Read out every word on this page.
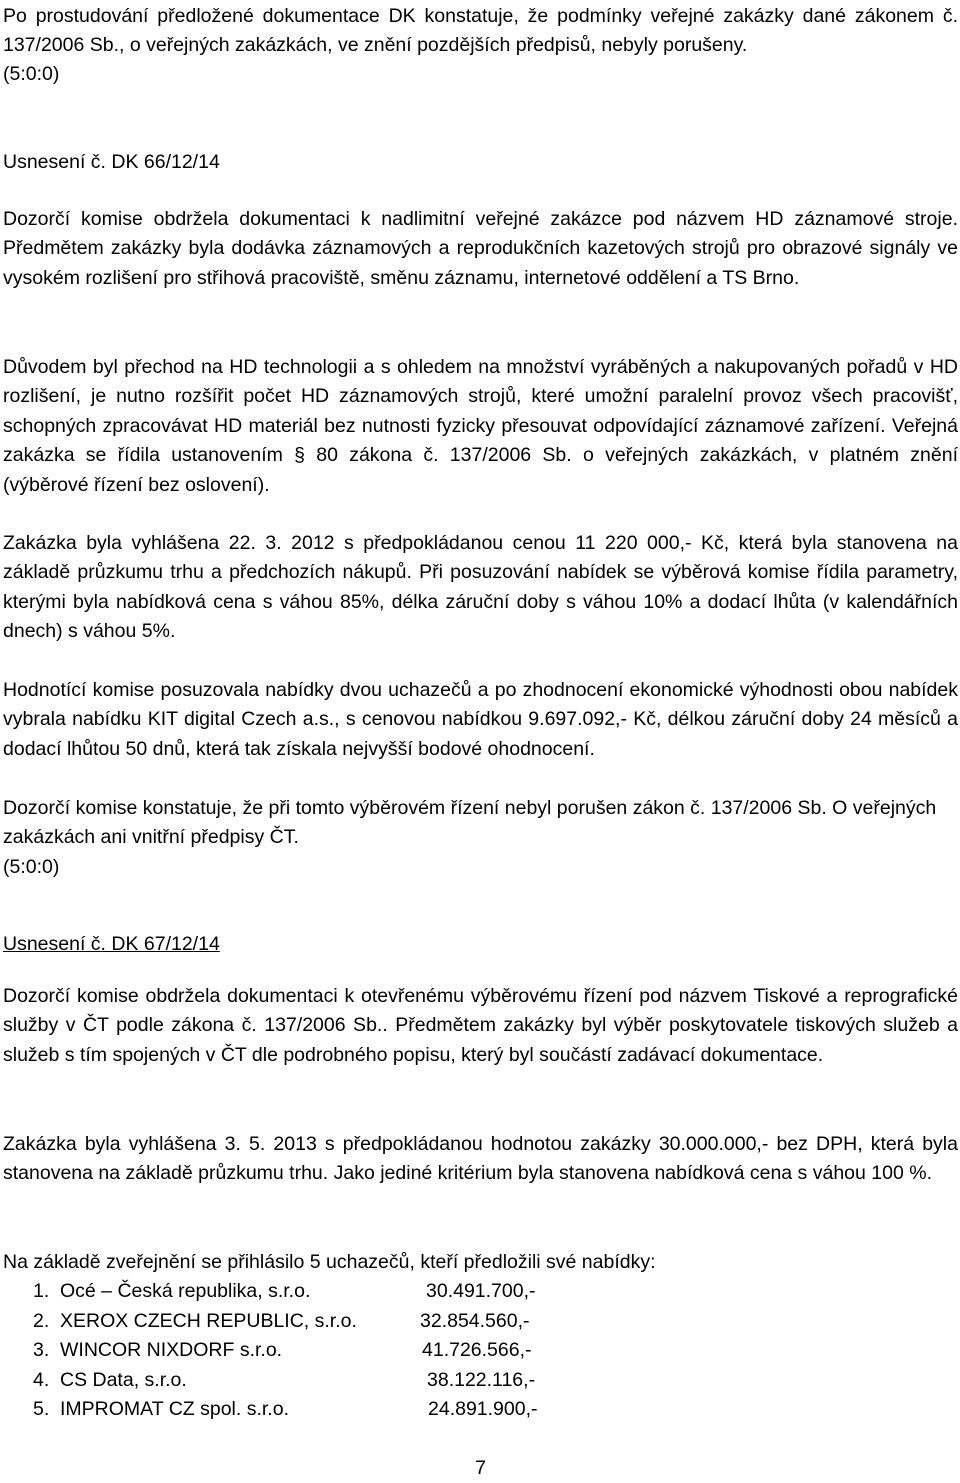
Po prostudování předložené dokumentace DK konstatuje, že podmínky veřejné zakázky dané zákonem č. 137/2006 Sb., o veřejných zakázkách, ve znění pozdějších předpisů, nebyly porušeny.

(5:0:0)

Usnesení č. DK 66/12/14

Dozorčí komise obdržela dokumentaci k nadlimitní veřejné zakázce pod názvem HD záznamové stroje. Předmětem zakázky byla dodávka záznamových a reprodukčních kazetových strojů pro obrazové signály ve vysokém rozlišení pro střihová pracoviště, směnu záznamu, internetové oddělení a TS Brno.

Důvodem byl přechod na HD technologii a s ohledem na množství vyráběných a nakupovaných pořadů v HD rozlišení, je nutno rozšířit počet HD záznamových strojů, které umožní paralelní provoz všech pracovišť, schopných zpracovávat HD materiál bez nutnosti fyzicky přesouvat odpovídající záznamové zařízení. Veřejná zakázka se řídila ustanovením § 80 zákona č. 137/2006 Sb. o veřejných zakázkách, v platném znění (výběrové řízení bez oslovení).

Zakázka byla vyhlášena 22. 3. 2012 s předpokládanou cenou 11 220 000,- Kč, která byla stanovena na základě průzkumu trhu a předchozích nákupů. Při posuzování nabídek se výběrová komise řídila parametry, kterými byla nabídková cena s váhou 85%, délka záruční doby s váhou 10% a dodací lhůta (v kalendářních dnech) s váhou 5%.

Hodnotící komise posuzovala nabídky dvou uchazečů a po zhodnocení ekonomické výhodnosti obou nabídek vybrala nabídku KIT digital Czech a.s., s cenovou nabídkou 9.697.092,- Kč, délkou záruční doby 24 měsíců a dodací lhůtou 50 dnů, která tak získala nejvyšší bodové ohodnocení.

Dozorčí komise konstatuje, že při tomto výběrovém řízení nebyl porušen zákon č. 137/2006 Sb. O veřejných zakázkách ani vnitřní předpisy ČT.

(5:0:0)

Usnesení č. DK 67/12/14

Dozorčí komise obdržela dokumentaci k otevřenému výběrovému řízení pod názvem Tiskové a reprografické služby v ČT podle zákona č. 137/2006 Sb.. Předmětem zakázky byl výběr poskytovatele tiskových služeb a služeb s tím spojených v ČT dle podrobného popisu, který byl součástí zadávací dokumentace.

Zakázka byla vyhlášena 3. 5. 2013 s předpokládanou hodnotou zakázky 30.000.000,- bez DPH, která byla stanovena na základě průzkumu trhu. Jako jediné kritérium byla stanovena nabídková cena s váhou 100 %.

Na základě zveřejnění se přihlásilo 5 uchazečů, kteří předložili své nabídky:

1. Océ – Česká republika, s.r.o.	30.491.700,-
2. XEROX CZECH REPUBLIC, s.r.o.	32.854.560,-
3. WINCOR NIXDORF s.r.o.	41.726.566,-
4. CS Data, s.r.o.	38.122.116,-
5. IMPROMAT CZ spol. s.r.o.	24.891.900,-
7
